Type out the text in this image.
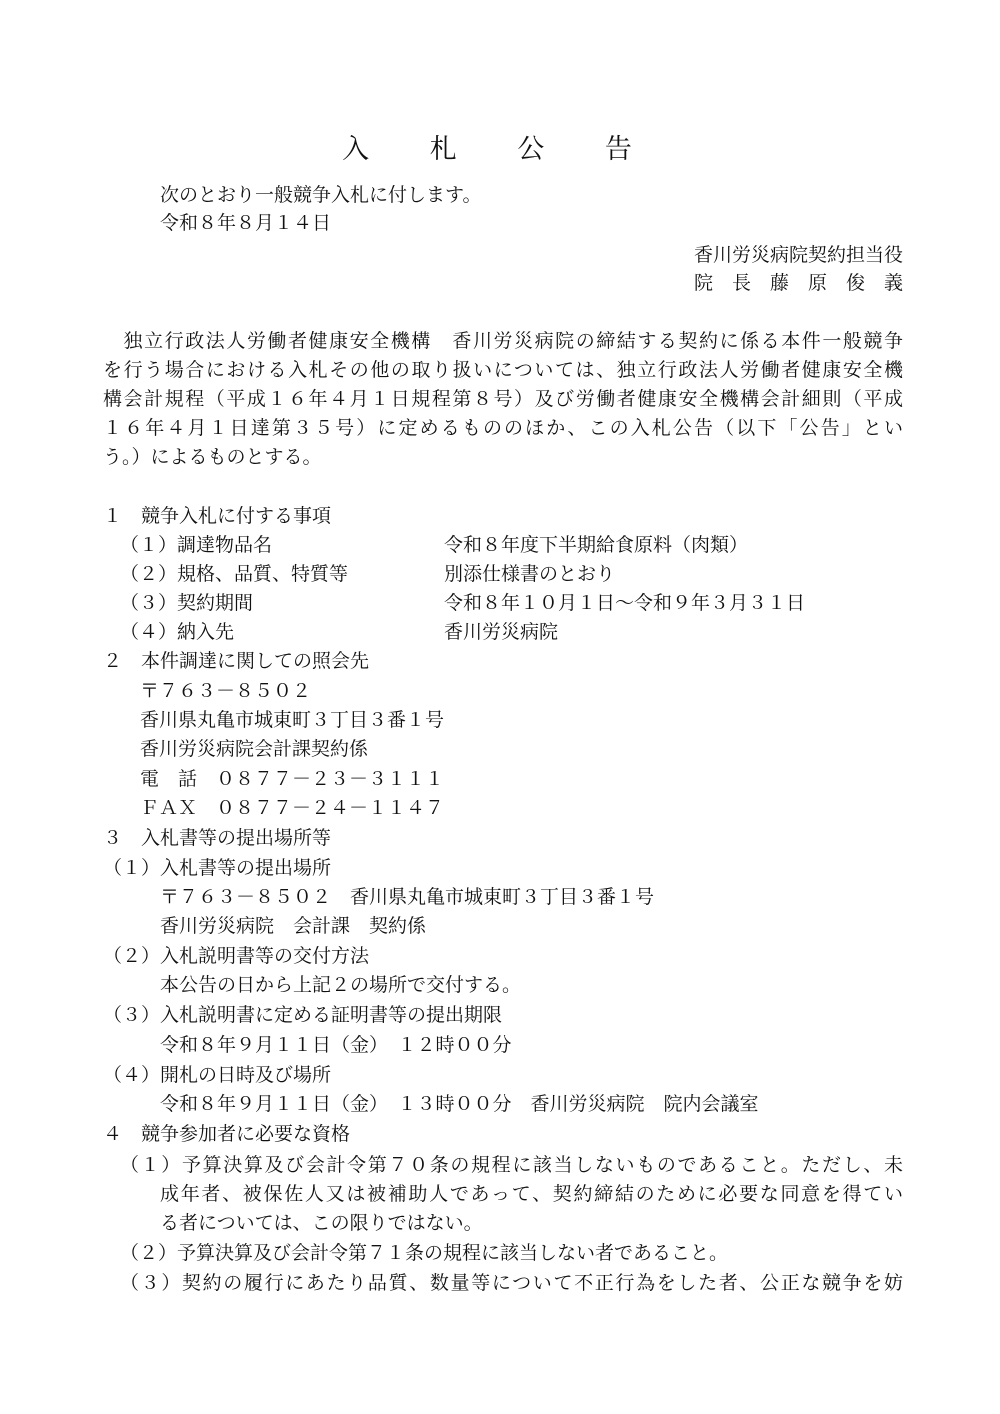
入 札 公 告
次のとおり一般競争入札に付します。
令和８年８月１４日
香川労災病院契約担当役
院　長　藤　原　俊　義
　独立行政法人労働者健康安全機構　香川労災病院の締結する契約に係る本件一般競争
を行う場合における入札その他の取り扱いについては、独立行政法人労働者健康安全機
構会計規程（平成１６年４月１日規程第８号）及び労働者健康安全機構会計細則（平成
１６年４月１日達第３５号）に定めるもののほか、この入札公告（以下「公告」とい
う。）によるものとする。
１　競争入札に付する事項
（１）調達物品名	令和８年度下半期給食原料（肉類）
（２）規格、品質、特質等	別添仕様書のとおり
（３）契約期間	令和８年１０月１日～令和９年３月３１日
（４）納入先	香川労災病院
２　本件調達に関しての照会先
〒７６３－８５０２
香川県丸亀市城東町３丁目３番１号
香川労災病院会計課契約係
電　話　０８７７－２３－３１１１
ＦＡＸ　０８７７－２４－１１４７
３　入札書等の提出場所等
（１）入札書等の提出場所
〒７６３－８５０２　香川県丸亀市城東町３丁目３番１号
香川労災病院　会計課　契約係
（２）入札説明書等の交付方法
本公告の日から上記２の場所で交付する。
（３）入札説明書に定める証明書等の提出期限
令和８年９月１１日（金）　１２時００分
（４）開札の日時及び場所
令和８年９月１１日（金）　１３時００分　香川労災病院　院内会議室
４　競争参加者に必要な資格
（１）予算決算及び会計令第７０条の規程に該当しないものであること。ただし、未
成年者、被保佐人又は被補助人であって、契約締結のために必要な同意を得てい
る者については、この限りではない。
（２）予算決算及び会計令第７１条の規程に該当しない者であること。
（３）契約の履行にあたり品質、数量等について不正行為をした者、公正な競争を妨
